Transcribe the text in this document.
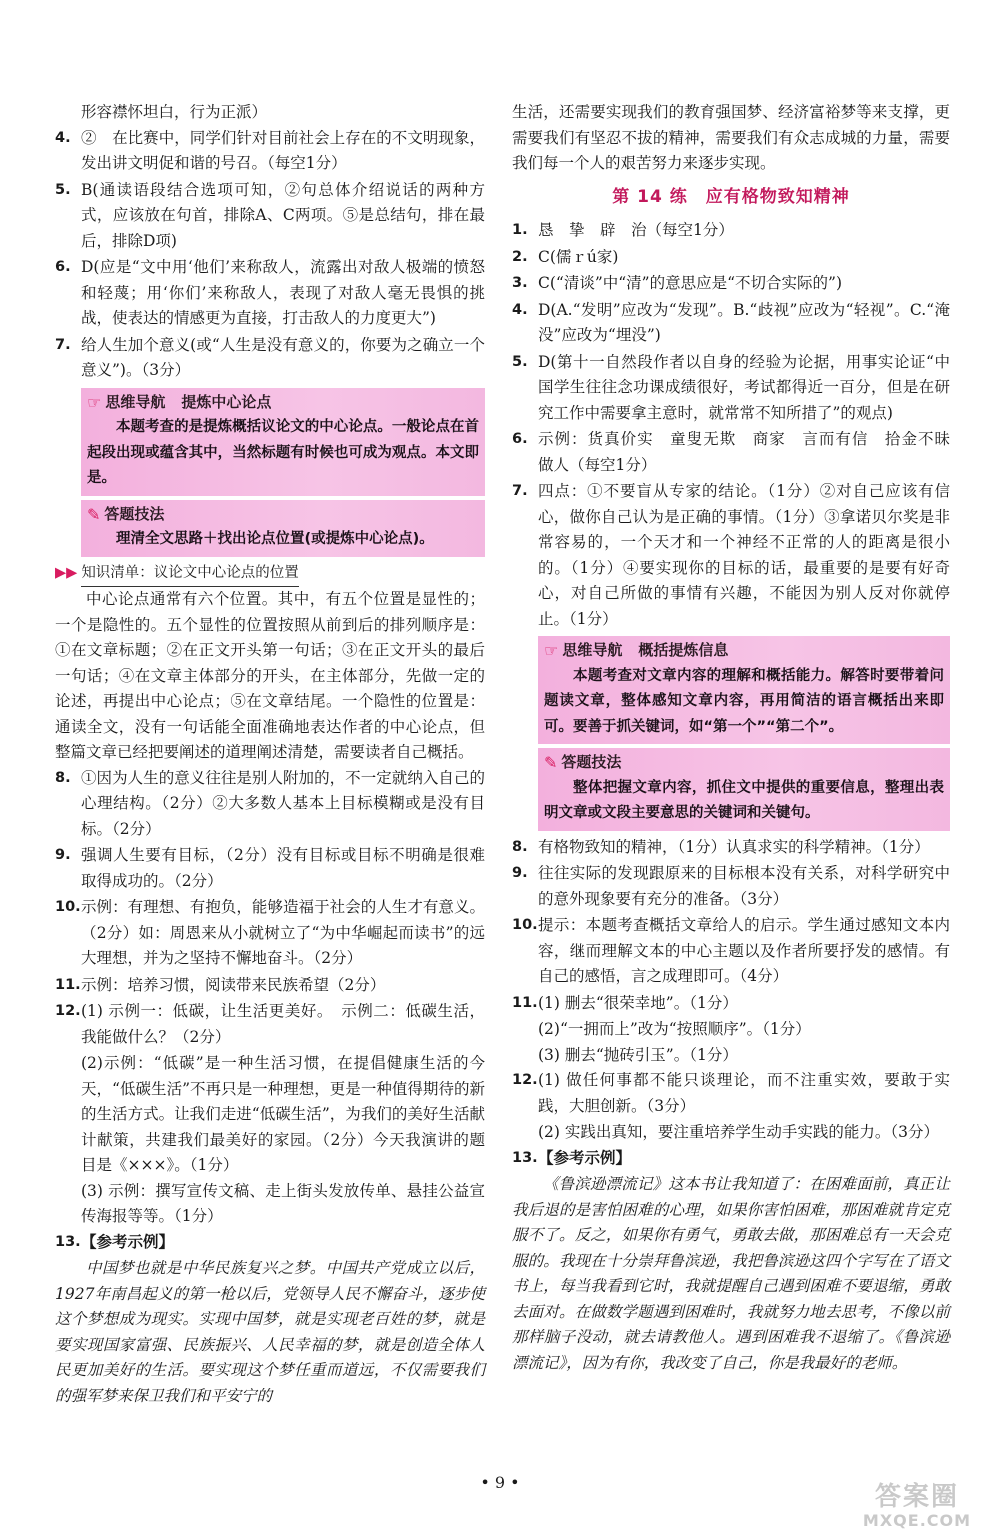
形容襟怀坦白，行为正派）

4. ②　在比赛中，同学们针对目前社会上存在的不文明现象，发出讲文明促和谐的号召。（每空1分）
5. B(通读语段结合选项可知，②句总体介绍说话的两种方式，应该放在句首，排除A、C两项。⑤是总结句，排在最后，排除D项)
6. D(应是“文中用‘他们’来称敌人，流露出对敌人极端的愤怒和轻蔑；用‘你们’来称敌人，表现了对敌人毫无畏惧的挑战，使表达的情感更为直接，打击敌人的力度更大”)
7. 给人生加个意义(或“人生是没有意义的，你要为之确立一个意义”)。（3分）
☞ 思维导航 提炼中心论点
本题考查的是提炼概括议论文的中心论点。一般论点在首起段出现或蕴含其中，当然标题有时候也可成为观点。本文即是。
✎ 答题技法
理清全文思路＋找出论点位置(或提炼中心论点)。
▶▶ 知识清单：议论文中心论点的位置

中心论点通常有六个位置。其中，有五个位置是显性的；一个是隐性的。五个显性的位置按照从前到后的排列顺序是：①在文章标题；②在正文开头第一句话；③在正文开头的最后一句话；④在文章主体部分的开头，在主体部分，先做一定的论述，再提出中心论点；⑤在文章结尾。一个隐性的位置是：通读全文，没有一句话能全面准确地表达作者的中心论点，但整篇文章已经把要阐述的道理阐述清楚，需要读者自己概括。

8. ①因为人生的意义往往是别人附加的，不一定就纳入自己的心理结构。（2分）②大多数人基本上目标模糊或是没有目标。（2分）
9. 强调人生要有目标，（2分）没有目标或目标不明确是很难取得成功的。（2分）
10. 示例：有理想、有抱负，能够造福于社会的人生才有意义。（2分）如：周恩来从小就树立了“为中华崛起而读书”的远大理想，并为之坚持不懈地奋斗。（2分）
11. 示例：培养习惯，阅读带来民族希望（2分）
12. (1) 示例一：低碳，让生活更美好。　示例二：低碳生活，我能做什么？（2分）

(2)示例：“低碳”是一种生活习惯，在提倡健康生活的今天，“低碳生活”不再只是一种理想，更是一种值得期待的新的生活方式。让我们走进“低碳生活”，为我们的美好生活献计献策，共建我们最美好的家园。（2分）今天我演讲的题目是《×××》。（1分）

(3) 示例：撰写宣传文稿、走上街头发放传单、悬挂公益宣传海报等等。（1分）

13. 【参考示例】

中国梦也就是中华民族复兴之梦。中国共产党成立以后，1927年南昌起义的第一枪以后，党领导人民不懈奋斗，逐步使这个梦想成为现实。实现中国梦，就是实现老百姓的梦，就是要实现国家富强、民族振兴、人民幸福的梦，就是创造全体人民更加美好的生活。要实现这个梦任重而道远，不仅需要我们的强军梦来保卫我们和平安宁的

生活，还需要实现我们的教育强国梦、经济富裕梦等来支撑，更需要我们有坚忍不拔的精神，需要我们有众志成城的力量，需要我们每一个人的艰苦努力来逐步实现。

第 14 练　应有格物致知精神
1. 恳　挚　辟　治（每空1分）
2. C(儒ｒú家)
3. C(“清谈”中“清”的意思应是“不切合实际的”)
4. D(A.“发明”应改为“发现”。B.“歧视”应改为“轻视”。C.“淹没”应改为“埋没”)
5. D(第十一自然段作者以自身的经验为论据，用事实论证“中国学生往往念功课成绩很好，考试都得近一百分，但是在研究工作中需要拿主意时，就常常不知所措了”的观点)
6. 示例：货真价实　童叟无欺　商家　言而有信　拾金不昧　做人（每空1分）
7. 四点：①不要盲从专家的结论。（1分）②对自己应该有信心，做你自己认为是正确的事情。（1分）③拿诺贝尔奖是非常容易的，一个天才和一个神经不正常的人的距离是很小的。（1分）④要实现你的目标的话，最重要的是要有好奇心，对自己所做的事情有兴趣，不能因为别人反对你就停止。（1分）
☞ 思维导航 概括提炼信息
本题考查对文章内容的理解和概括能力。解答时要带着问题读文章，整体感知文章内容，再用简洁的语言概括出来即可。要善于抓关键词，如“第一个”“第二个”。
✎ 答题技法
整体把握文章内容，抓住文中提供的重要信息，整理出表明文章或文段主要意思的关键词和关键句。
8. 有格物致知的精神，（1分）认真求实的科学精神。（1分）
9. 往往实际的发现跟原来的目标根本没有关系，对科学研究中的意外现象要有充分的准备。（3分）
10. 提示：本题考查概括文章给人的启示。学生通过感知文本内容，继而理解文本的中心主题以及作者所要抒发的感情。有自己的感悟，言之成理即可。（4分）
11. (1) 删去“很荣幸地”。（1分）

(2)“一拥而上”改为“按照顺序”。（1分）

(3) 删去“抛砖引玉”。（1分）

12. (1) 做任何事都不能只谈理论，而不注重实效，要敢于实践，大胆创新。（3分）

(2) 实践出真知，要注重培养学生动手实践的能力。（3分）

13. 【参考示例】

《鲁滨逊漂流记》这本书让我知道了：在困难面前，真正让我后退的是害怕困难的心理，如果你害怕困难，那困难就肯定克服不了。反之，如果你有勇气，勇敢去做，那困难总有一天会克服的。我现在十分崇拜鲁滨逊，我把鲁滨逊这四个字写在了语文书上，每当我看到它时，我就提醒自己遇到困难不要退缩，勇敢去面对。在做数学题遇到困难时，我就努力地去思考，不像以前那样脑子没动，就去请教他人。遇到困难我不退缩了。《鲁滨逊漂流记》，因为有你，我改变了自己，你是我最好的老师。

• 9 •	答案圈
MXQE.COM
